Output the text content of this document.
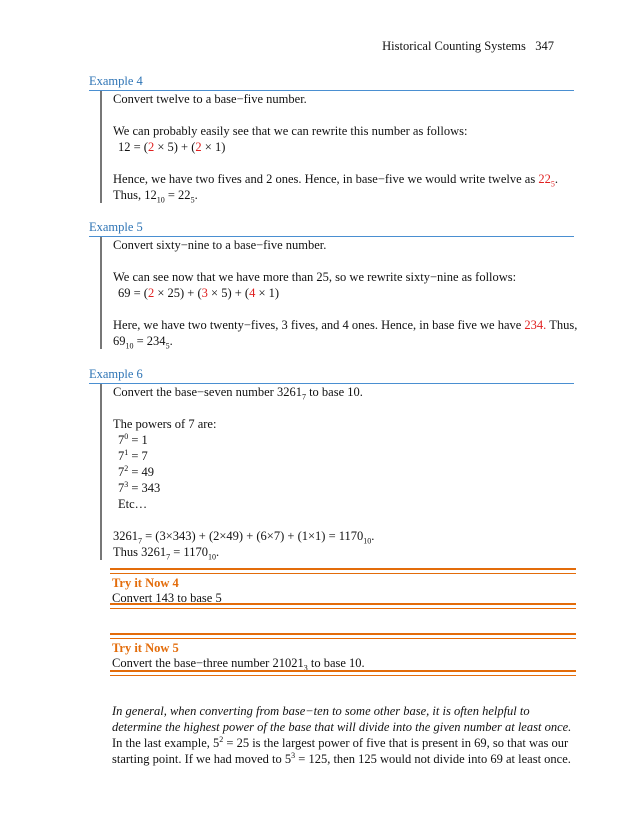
Historical Counting Systems 347
Example 4

Convert twelve to a base−five number.

We can probably easily see that we can rewrite this number as follows:

12 = (2 × 5) + (2 × 1)

Hence, we have two fives and 2 ones. Hence, in base−five we would write twelve as $22_5$.

Thus, $12_{10} = 22_5$.

Example 5

Convert sixty−nine to a base−five number.

We can see now that we have more than 25, so we rewrite sixty−nine as follows:

69 = (2 × 25) + (3 × 5) + (4 × 1)

Here, we have two twenty−fives, 3 fives, and 4 ones. Hence, in base five we have 234. Thus,

$69_{10} = 234_5$.

Example 6

Convert the base−seven number $3261_7$ to base 10.

The powers of 7 are:

$7^0 = 1$

$7^1 = 7$

$7^2 = 49$

$7^3 = 343$

Etc…

$3261_7 = (3\times 343) + (2\times 49) + (6\times 7) + (1\times 1) = 1170_{10}$.

Thus $3261_7 = 1170_{10}$.

Try it Now 4
Convert 143 to base 5
Try it Now 5
Convert the base−three number $21021_3$ to base 10.
In general, when converting from base−ten to some other base, it is often helpful to
determine the highest power of the base that will divide into the given number at least once.
In the last example, $5^2 = 25$ is the largest power of five that is present in 69, so that was our
starting point. If we had moved to $5^3 = 125$, then 125 would not divide into 69 at least once.
